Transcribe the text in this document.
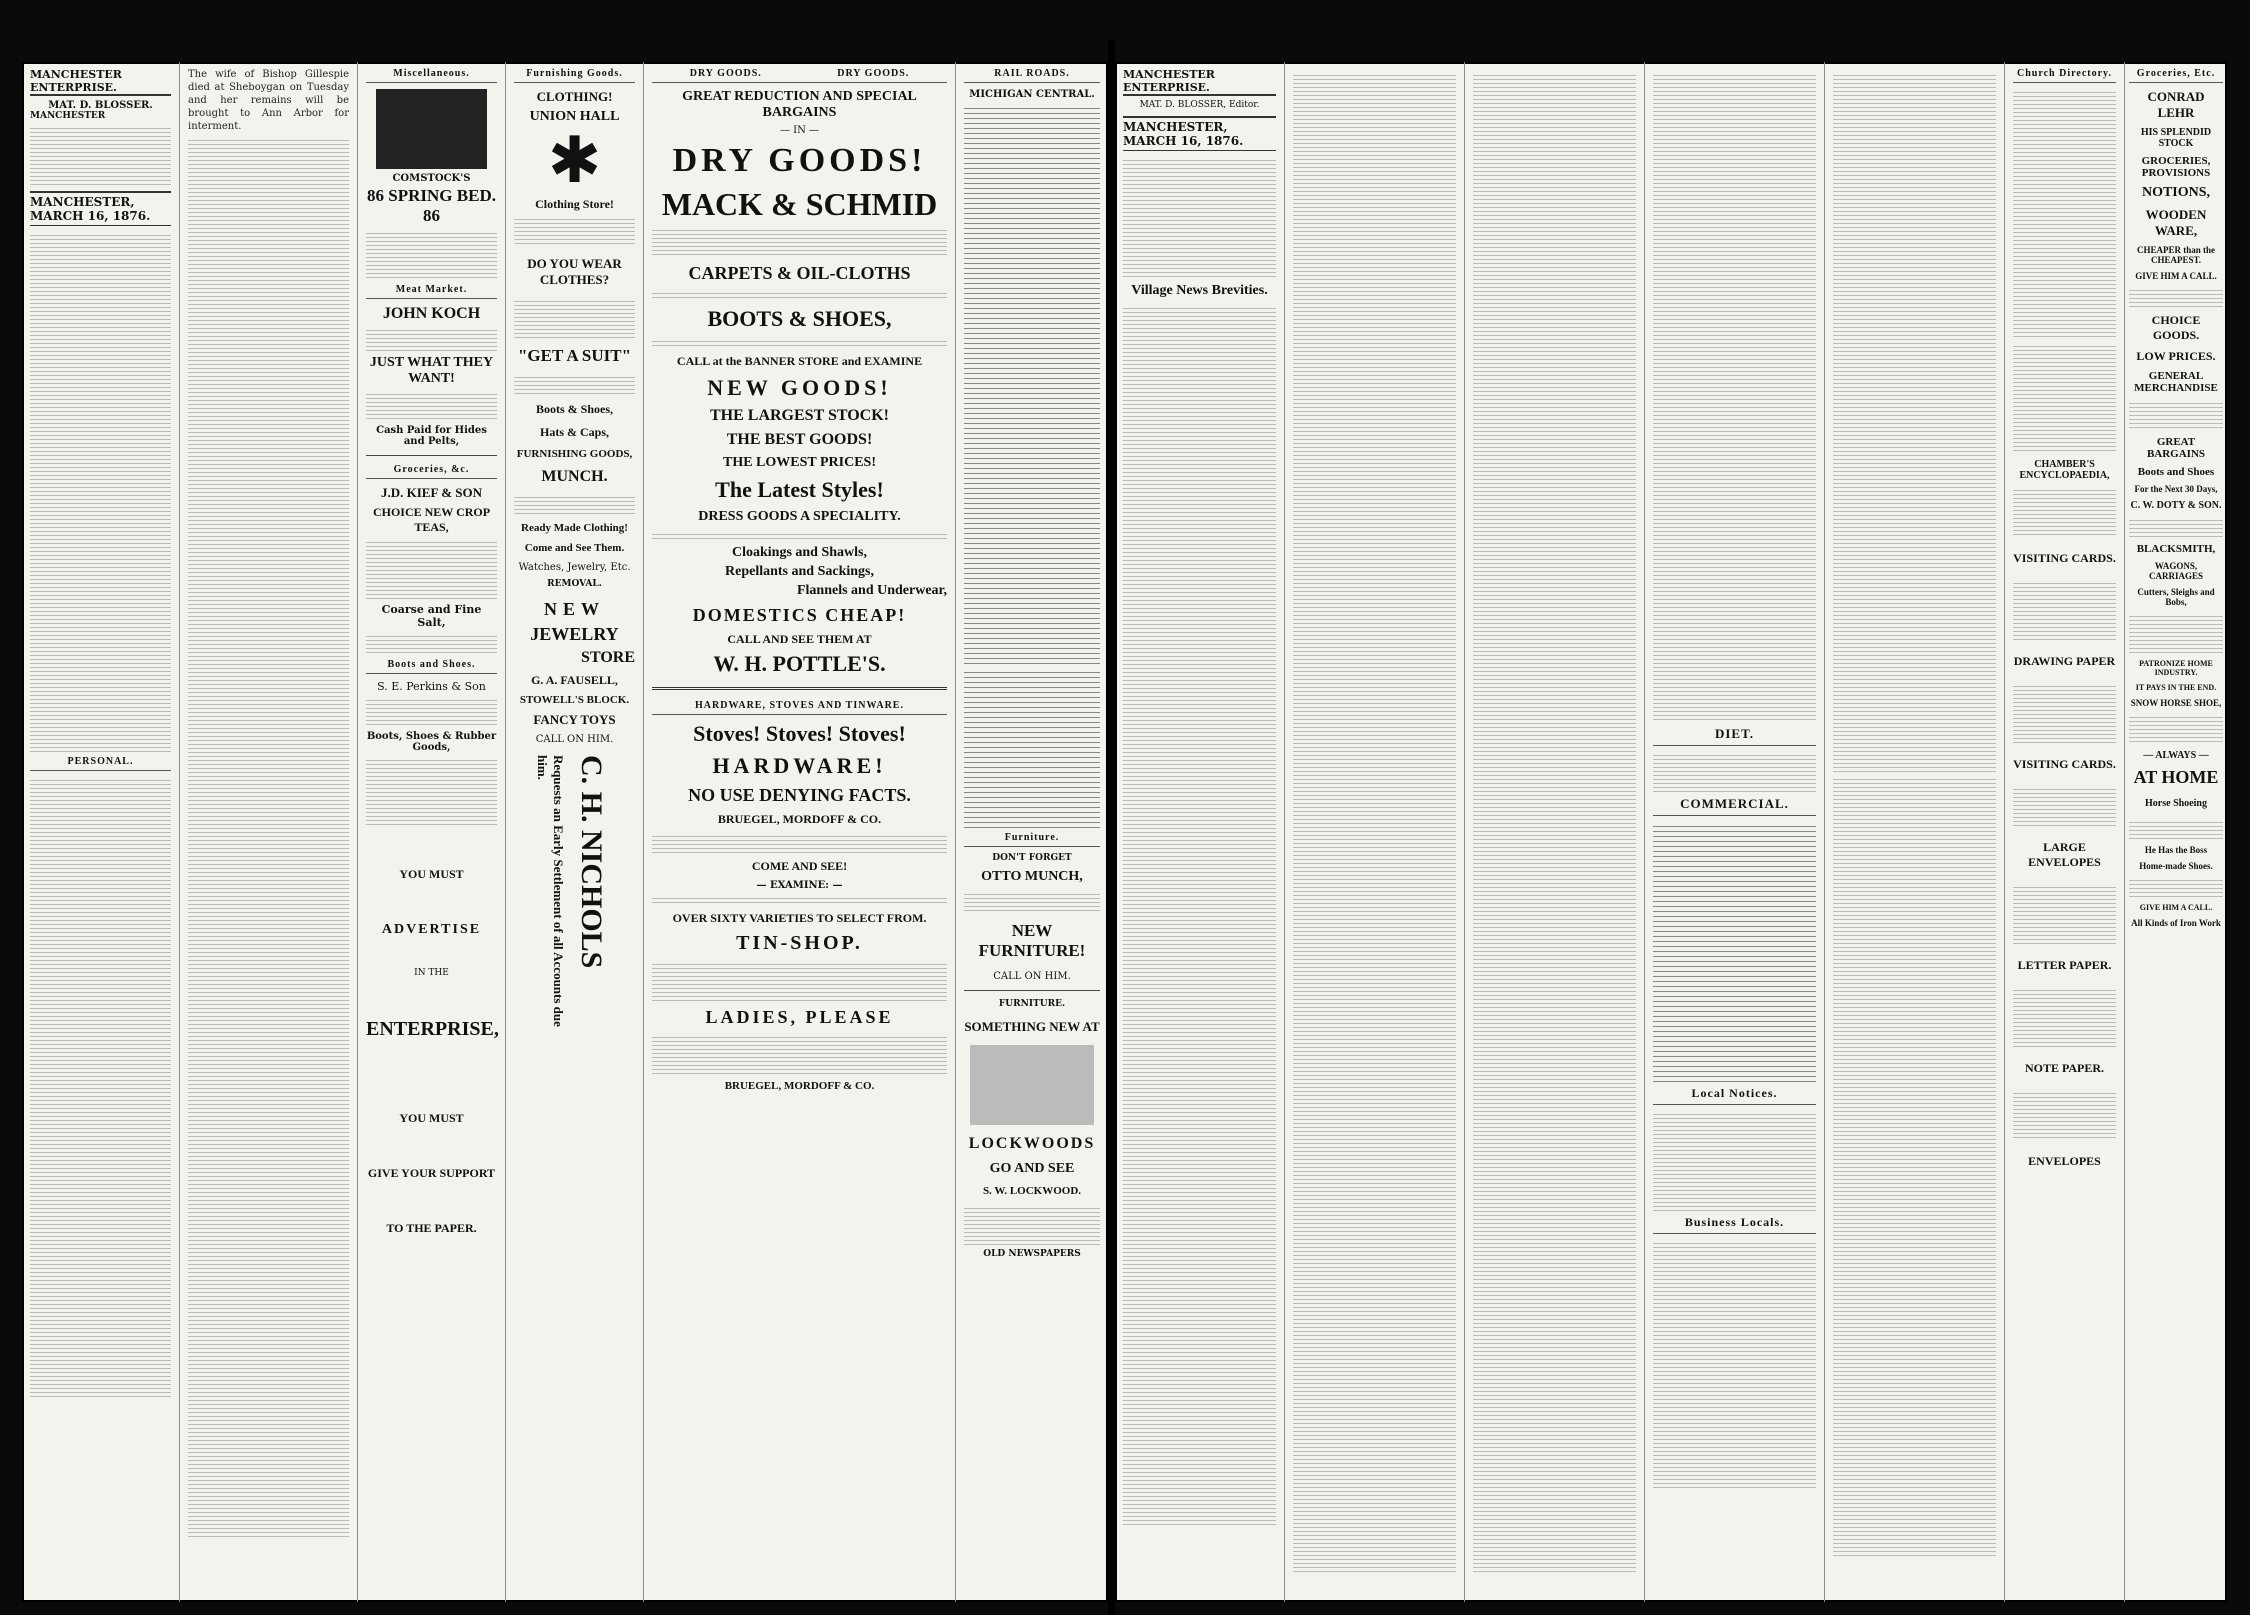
MANCHESTER ENTERPRISE.
MAT. D. BLOSSER.
MANCHESTER
MANCHESTER, MARCH 16, 1876.
PERSONAL.
The wife of Bishop Gillespie died at Sheboygan on Tuesday and her remains will be brought to Ann Arbor for interment.
Miscellaneous.
COMSTOCK'S
86 SPRING BED. 86
Meat Market.
JOHN KOCH
JUST WHAT THEY WANT!
Cash Paid for Hides and Pelts,
Groceries, &c.
J.D. KIEF & SON
CHOICE NEW CROP TEAS,
Coarse and Fine Salt,
Boots and Shoes.
S. E. Perkins & Son
Boots, Shoes & Rubber Goods,
YOU MUST
ADVERTISE
IN THE
ENTERPRISE,
YOU MUST
GIVE YOUR SUPPORT
TO THE PAPER.
Furnishing Goods.
CLOTHING!
UNION HALL
✱
Clothing Store!
DO YOU WEAR CLOTHES?
"GET A SUIT"
Boots & Shoes,
Hats & Caps,
FURNISHING GOODS,
MUNCH.
Ready Made Clothing!
Come and See Them.
Watches, Jewelry, Etc.
REMOVAL.
NEW
JEWELRY
STORE
G. A. FAUSELL,
STOWELL'S BLOCK.
FANCY TOYS
CALL ON HIM.
C. H. NICHOLS
Requests an Early Settlement of all Accounts due him.
DRY GOODS.	DRY GOODS.
GREAT REDUCTION AND SPECIAL BARGAINS
— IN —
DRY GOODS!
MACK & SCHMID
CARPETS & OIL-CLOTHS
BOOTS & SHOES,
CALL at the BANNER STORE and EXAMINE
NEW GOODS!
THE LARGEST STOCK!
THE BEST GOODS!
THE LOWEST PRICES!
The Latest Styles!
DRESS GOODS A SPECIALITY.
Cloakings and Shawls,
Repellants and Sackings,
Flannels and Underwear,
DOMESTICS CHEAP!
CALL AND SEE THEM AT
W. H. POTTLE'S.
HARDWARE, STOVES AND TINWARE.
Stoves! Stoves! Stoves!
HARDWARE!
NO USE DENYING FACTS.
BRUEGEL, MORDOFF & CO.
COME AND SEE!
— EXAMINE: —
OVER SIXTY VARIETIES TO SELECT FROM.
TIN-SHOP.
LADIES, PLEASE
BRUEGEL, MORDOFF & CO.
RAIL ROADS.
MICHIGAN CENTRAL.
Furniture.
DON'T FORGET
OTTO MUNCH,
NEW FURNITURE!
CALL ON HIM.
FURNITURE.
SOMETHING NEW AT
LOCKWOODS
GO AND SEE
S. W. LOCKWOOD.
OLD NEWSPAPERS
MANCHESTER ENTERPRISE.
MAT. D. BLOSSER, Editor.
MANCHESTER, MARCH 16, 1876.
Village News Brevities.
DIET.
COMMERCIAL.
Local Notices.
Business Locals.
Church Directory.
CHAMBER'S ENCYCLOPAEDIA,
VISITING CARDS.
DRAWING PAPER
VISITING CARDS.
LARGE ENVELOPES
LETTER PAPER.
NOTE PAPER.
ENVELOPES
Groceries, Etc.
CONRAD LEHR
HIS SPLENDID STOCK
GROCERIES, PROVISIONS
NOTIONS,
WOODEN WARE,
CHEAPER than the CHEAPEST.
GIVE HIM A CALL.
CHOICE GOODS.
LOW PRICES.
GENERAL MERCHANDISE
GREAT BARGAINS
Boots and Shoes
For the Next 30 Days,
C. W. DOTY & SON.
BLACKSMITH,
WAGONS, CARRIAGES
Cutters, Sleighs and Bobs,
PATRONIZE HOME INDUSTRY.
IT PAYS IN THE END.
SNOW HORSE SHOE,
— ALWAYS —
AT HOME
Horse Shoeing
He Has the Boss
Home-made Shoes.
GIVE HIM A CALL.
All Kinds of Iron Work
